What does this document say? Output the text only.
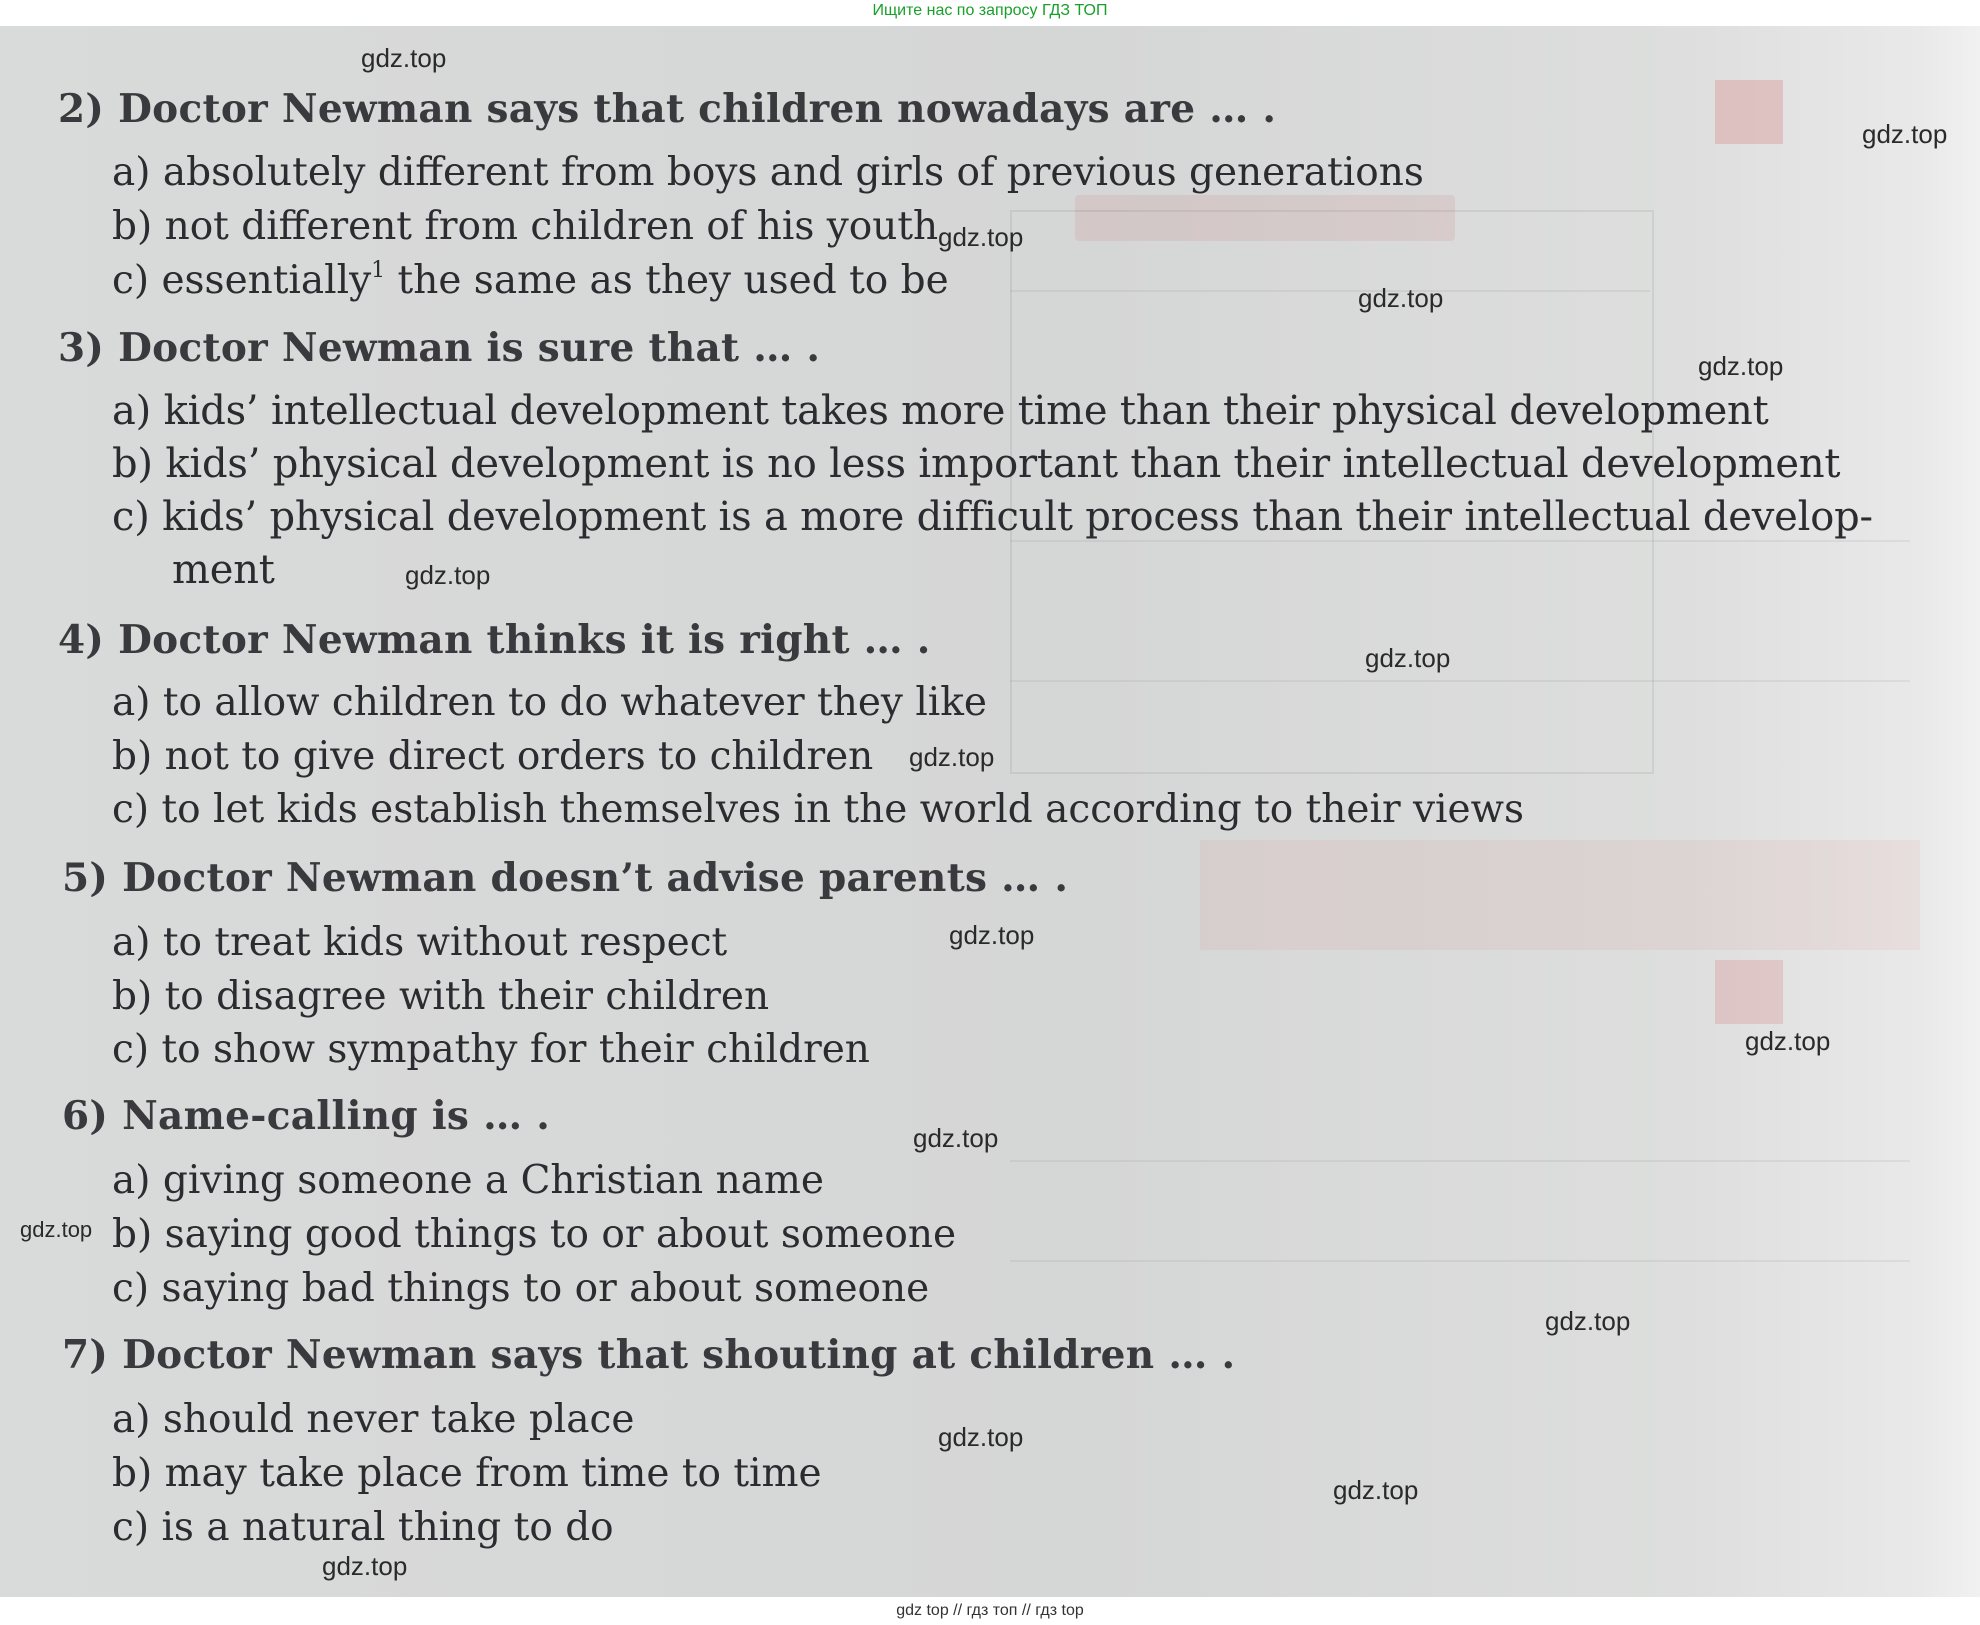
Ищите нас по запросу ГДЗ ТОП

2) Doctor Newman says that children nowadays are … .

a) absolutely different from boys and girls of previous generations

b) not different from children of his youth

c) essentially$^1$ the same as they used to be

3) Doctor Newman is sure that … .

a) kids’ intellectual development takes more time than their physical development

b) kids’ physical development is no less important than their intellectual development

c) kids’ physical development is a more difficult process than their intellectual develop-

ment

4) Doctor Newman thinks it is right … .

a) to allow children to do whatever they like

b) not to give direct orders to children

c) to let kids establish themselves in the world according to their views

5) Doctor Newman doesn’t advise parents … .

a) to treat kids without respect

b) to disagree with their children

c) to show sympathy for their children

6) Name-calling is … .

a) giving someone a Christian name

b) saying good things to or about someone

c) saying bad things to or about someone

7) Doctor Newman says that shouting at children … .

a) should never take place

b) may take place from time to time

c) is a natural thing to do

gdz.top
gdz.top
gdz.top
gdz.top
gdz.top
gdz.top
gdz.top
gdz.top
gdz.top
gdz.top
gdz.top
gdz.top
gdz.top
gdz.top
gdz.top
gdz.top
gdz top // гдз топ // гдз top
